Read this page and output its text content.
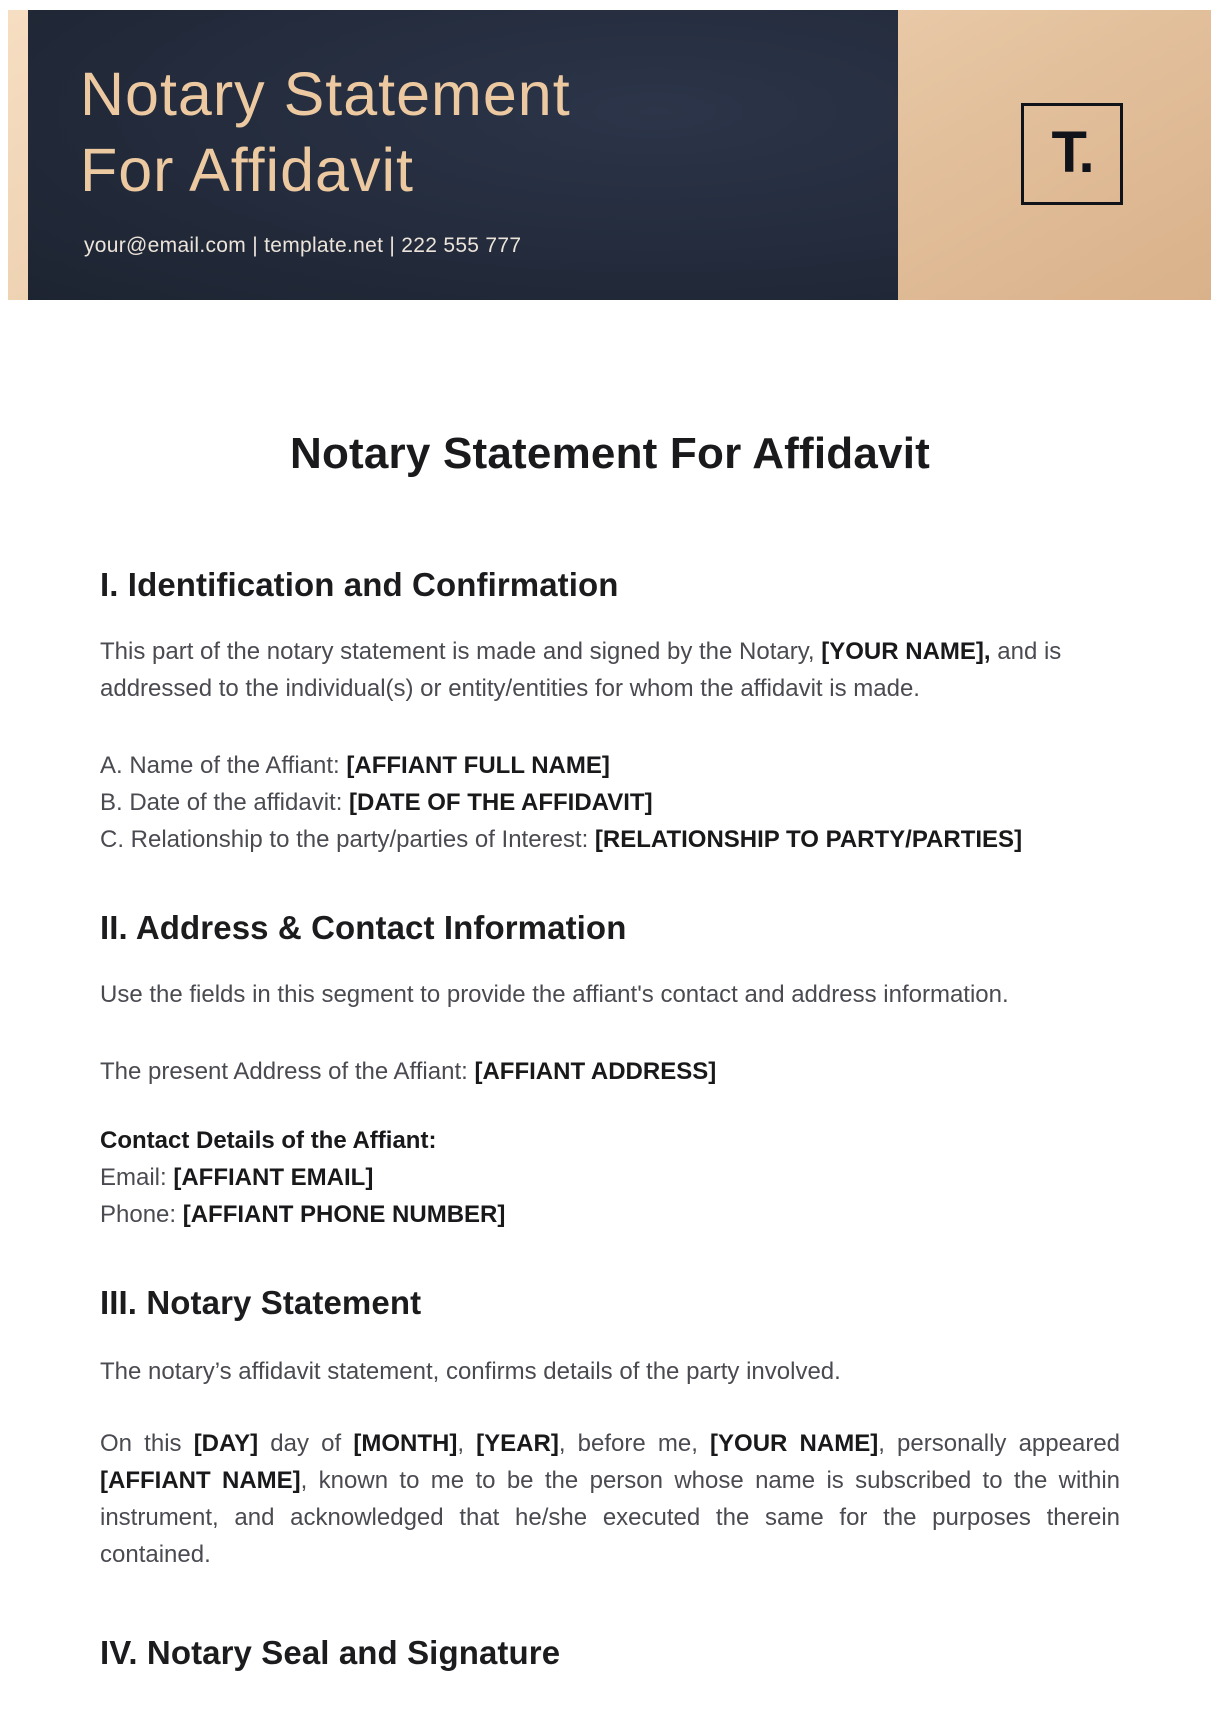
Notary Statement
For Affidavit
your@email.com | template.net | 222 555 777
T.
Notary Statement For Affidavit
I. Identification and Confirmation

This part of the notary statement is made and signed by the Notary, [YOUR NAME], and is addressed to the individual(s) or entity/entities for whom the affidavit is made.

A. Name of the Affiant: [AFFIANT FULL NAME]
B. Date of the affidavit: [DATE OF THE AFFIDAVIT]
C. Relationship to the party/parties of Interest: [RELATIONSHIP TO PARTY/PARTIES]
II. Address & Contact Information

Use the fields in this segment to provide the affiant's contact and address information.

The present Address of the Affiant: [AFFIANT ADDRESS]

Contact Details of the Affiant:
Email: [AFFIANT EMAIL]
Phone: [AFFIANT PHONE NUMBER]
III. Notary Statement

The notary’s affidavit statement, confirms details of the party involved.

On this [DAY] day of [MONTH], [YEAR], before me, [YOUR NAME], personally appeared [AFFIANT NAME], known to me to be the person whose name is subscribed to the within instrument, and acknowledged that he/she executed the same for the purposes therein contained.

IV. Notary Seal and Signature
